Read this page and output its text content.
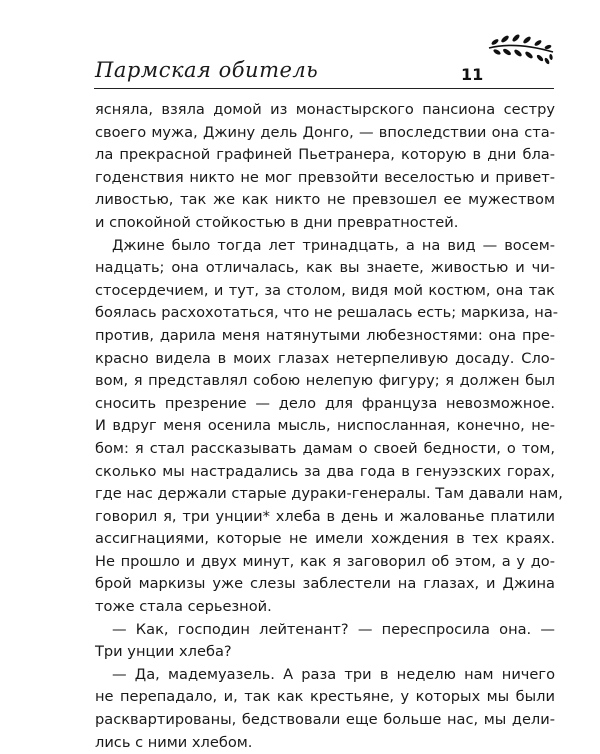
Пармская обитель	11
ясняла, взяла домой из монастырского пансиона сестру
своего мужа, Джину дель Донго, — впоследствии она ста-
ла прекрасной графиней Пьетранера, которую в дни бла-
годенствия никто не мог превзойти веселостью и привет-
ливостью, так же как никто не превзошел ее мужеством
и спокойной стойкостью в дни превратностей.
Джине было тогда лет тринадцать, а на вид — восем-
надцать; она отличалась, как вы знаете, живостью и чи-
стосердечием, и тут, за столом, видя мой костюм, она так
боялась расхохотаться, что не решалась есть; маркиза, на-
против, дарила меня натянутыми любезностями: она пре-
красно видела в моих глазах нетерпеливую досаду. Сло-
вом, я представлял собою нелепую фигуру; я должен был
сносить презрение — дело для француза невозможное.
И вдруг меня осенила мысль, ниспосланная, конечно, не-
бом: я стал рассказывать дамам о своей бедности, о том,
сколько мы настрадались за два года в генуэзских горах,
где нас держали старые дураки-генералы. Там давали нам,
говорил я, три унции* хлеба в день и жалованье платили
ассигнациями, которые не имели хождения в тех краях.
Не прошло и двух минут, как я заговорил об этом, а у до-
брой маркизы уже слезы заблестели на глазах, и Джина
тоже стала серьезной.
— Как, господин лейтенант? — переспросила она. —
Три унции хлеба?
— Да, мадемуазель. А раза три в неделю нам ничего
не перепадало, и, так как крестьяне, у которых мы были
расквартированы, бедствовали еще больше нас, мы дели-
лись с ними хлебом.
